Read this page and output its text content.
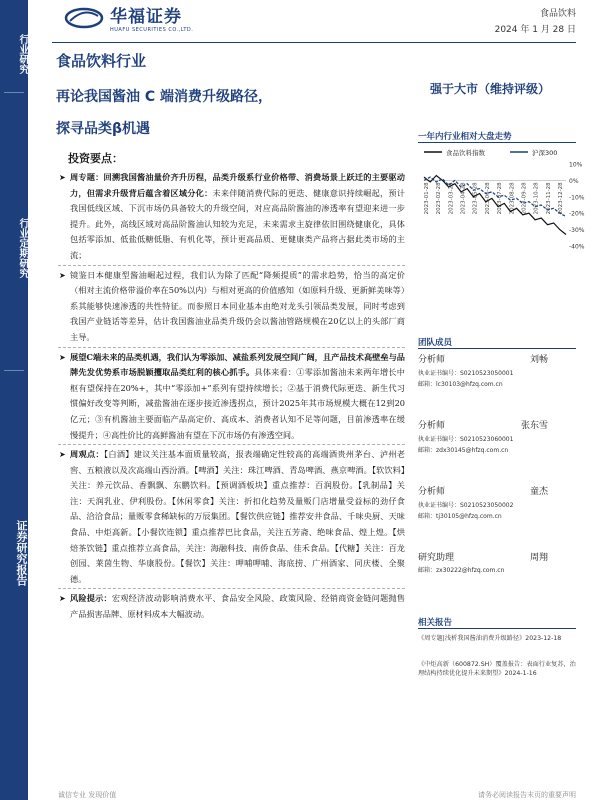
行业研究
行业定期研究
证券研究报告
华福证券
HUAFU SECURITIES CO.,LTD.
食品饮料
2024 年 1 月 28 日
食品饮料行业
再论我国酱油 C 端消费升级路径，
探寻品类β机遇
强于大市（维持评级）
投资要点：
➤ 周专题：回溯我国酱油量价齐升历程，品类升级系行业价格带、消费场景上跃迁的主要驱动力，但需求升级背后蕴含着区域分化：未来伴随消费代际的更迭、健康意识持续崛起，预计我国低线区域、下沉市场仍具备较大的升级空间，对应高品阶酱油的渗透率有望迎来进一步提升。此外，高线区域对高品阶酱油认知较为充足，未来需求主旋律依旧围绕健康化，具体包括零添加、低盐低糖低脂、有机化等，预计更高品质、更健康类产品将占据此类市场的主流；
➤ 镜鉴日本健康型酱油崛起过程，我们认为除了匹配“降频提质”的需求趋势，恰当的高定价（相对主流价格带溢价率在50%以内）与相对更高的价值感知（如原料升级、更新鲜美味等）系其能够快速渗透的共性特征。而参照日本同业基本由绝对龙头引领品类发展，同时考虑到我国产业链话等差异，估计我国酱油业品类升级仍会以酱油管路规模在20亿以上的头部厂商主导。
➤ 展望C端未来的品类机遇，我们认为零添加、减盐系列发展空间广阔，且产品技术高壁垒与品牌先发优势系市场脱颖攫取品类红利的核心抓手。具体来看：①零添加酱油未来两年增长中枢有望保持在20%+，其中“零添加+”系列有望持续增长；②基于消费代际更迭、新生代习惯偏好改变等判断，减盐酱油在逐步接近渗透拐点，预计2025年其市场规模大概在12到20亿元；③有机酱油主要面临产品高定价、高成本、消费者认知不足等问题，目前渗透率在缓慢提升；④高性价比的高鲜酱油有望在下沉市场仍有渗透空间。
➤ 周观点：【白酒】建议关注基本面质量较高，报表端确定性较高的高端酒贵州茅台、泸州老窖、五粮液以及次高端山西汾酒。【啤酒】关注：珠江啤酒、青岛啤酒、燕京啤酒。【软饮料】关注：养元饮品、香飘飘、东鹏饮料。【预调酒板块】重点推荐：百润股份。【乳制品】关注：天润乳业、伊利股份。【休闲零食】关注：折扣化趋势及量贩门店增量受益标的劲仔食品、洽洽食品；量贩零食稀缺标的万辰集团。【餐饮供应链】推荐安井食品、千味央厨、天味食品、中炬高新。【小餐饮连锁】重点推荐巴比食品，关注五芳斋、绝味食品、煌上煌。【烘焙茶饮链】重点推荐立高食品，关注：海融科技、南侨食品、佳禾食品。【代糖】关注：百龙创园、莱茵生物、华康股份。【餐饮】关注：呷哺呷哺、海底捞、广州酒家、同庆楼、全聚德。
➤ 风险提示：宏观经济波动影响消费水平、食品安全风险、政策风险、经销商资金链问题抛售产品损害品牌、原材料成本大幅波动。
一年内行业相对大盘走势
食品饮料指数	沪深300
10%
0%
-10%
-20%
-30%
-40%
2023-01-28 2023-02-28 2023-03-28 2023-04-28 2023-05-28 2023-06-28 2023-07-28 2023-08-28 2023-09-28 2023-10-28 2023-11-28 2023-12-28
团队成员
分析师	刘畅
执业证书编号：S0210523050001
邮箱：lc30103@hfzq.com.cn
分析师	张东雪
执业证书编号：S0210523060001
邮箱：zdx30145@hfzq.com.cn
分析师	童杰
执业证书编号：S0210523050002
邮箱：tj30105@hfzq.com.cn
研究助理	周翔
邮箱：zx30222@hfzq.com.cn
相关报告
《周专题|浅析我国酱油消费升级路径》2023-12-18
《中炬高新（600872.SH）覆盖报告：表面行业复苏，治理结构持续优化提升未来期望》2024-1-16
诚信专业 发现价值	请务必阅读报告末页的重要声明
